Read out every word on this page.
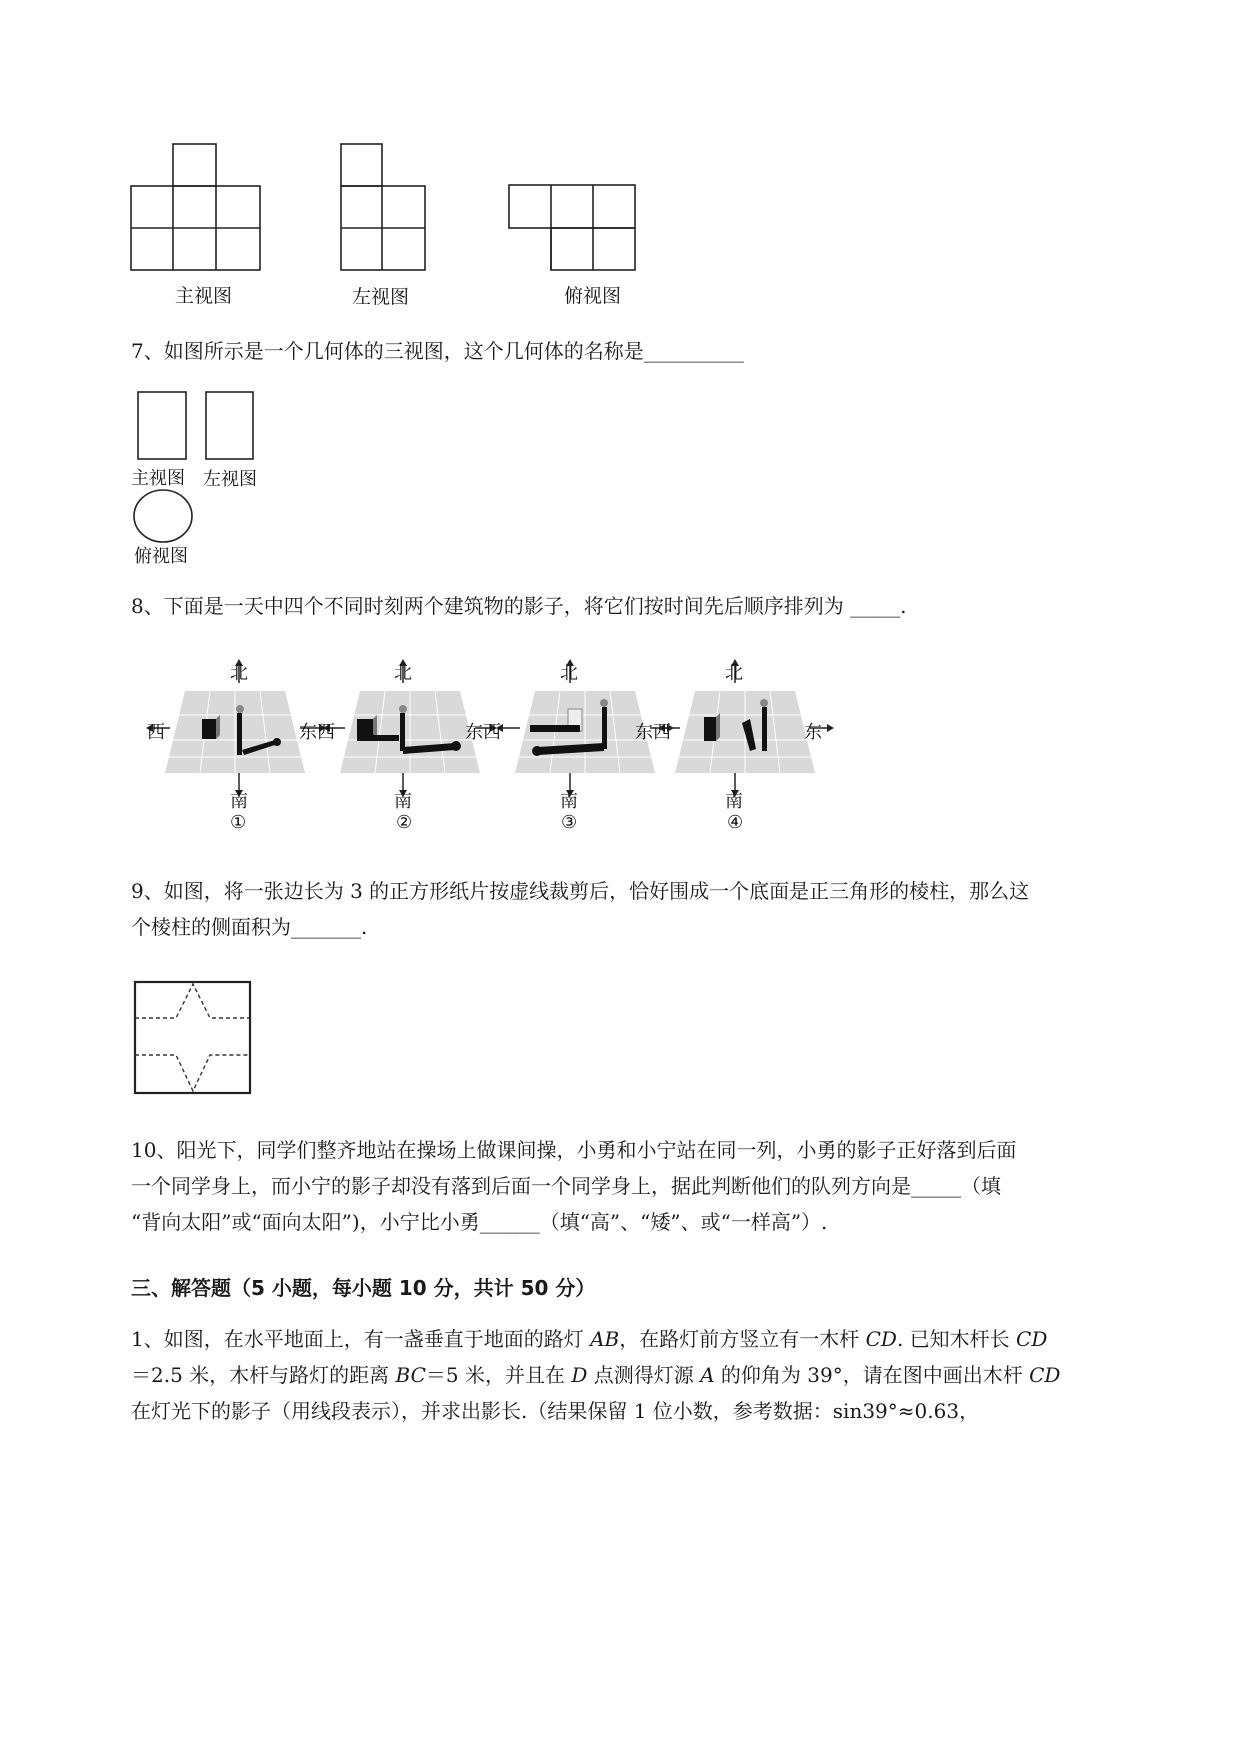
主视图	左视图	俯视图
7、如图所示是一个几何体的三视图，这个几何体的名称是__________
主视图 左视图
俯视图
8、下面是一天中四个不同时刻两个建筑物的影子，将它们按时间先后顺序排列为 _____.
北
西
南
①
东 西
北
南
②
东 西
北
南
③
东 西
北
东
南
④
9、如图，将一张边长为 3 的正方形纸片按虚线裁剪后，恰好围成一个底面是正三角形的棱柱，那么这
个棱柱的侧面积为_______.
10、阳光下，同学们整齐地站在操场上做课间操，小勇和小宁站在同一列，小勇的影子正好落到后面
一个同学身上，而小宁的影子却没有落到后面一个同学身上，据此判断他们的队列方向是_____（填
“背向太阳”或“面向太阳”)，小宁比小勇______（填“高”、“矮”、或“一样高”）.
三、解答题（5 小题，每小题 10 分，共计 50 分）
1、如图，在水平地面上，有一盏垂直于地面的路灯 AB，在路灯前方竖立有一木杆 CD. 已知木杆长 CD
＝2.5 米，木杆与路灯的距离 BC＝5 米，并且在 D 点测得灯源 A 的仰角为 39°，请在图中画出木杆 CD
在灯光下的影子（用线段表示），并求出影长.（结果保留 1 位小数，参考数据：sin39°≈0.63，
